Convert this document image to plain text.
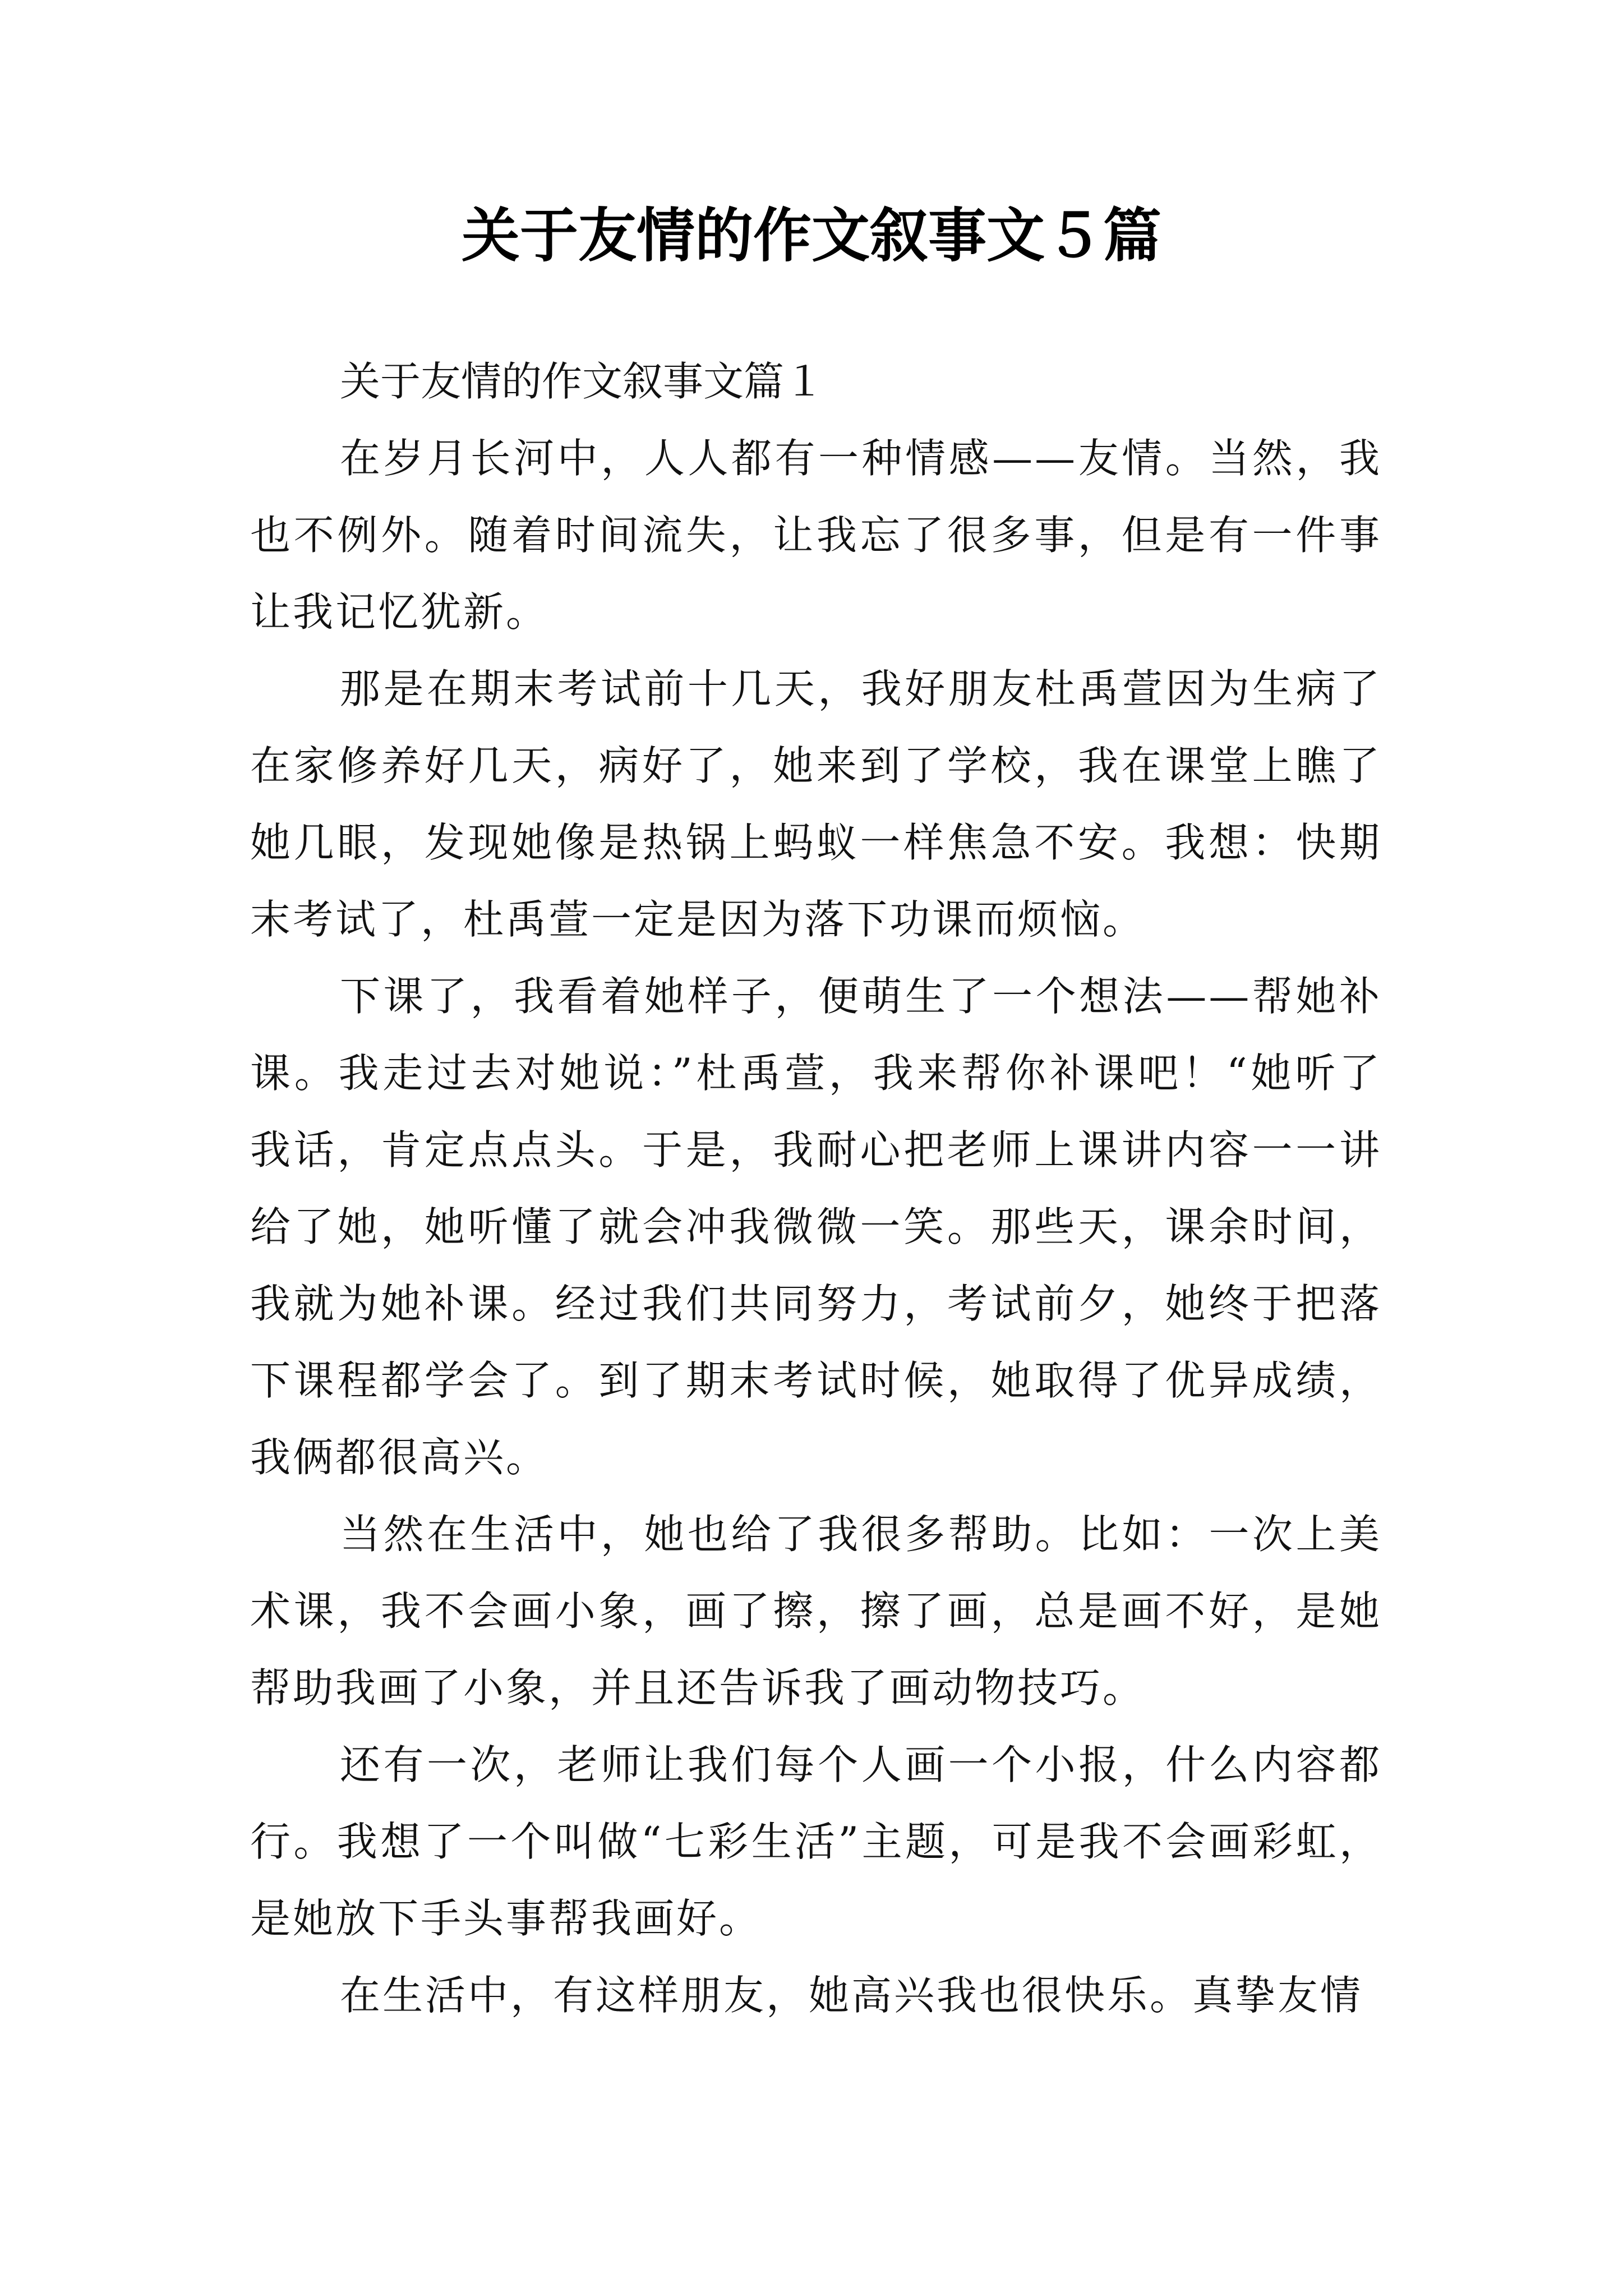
关于友情的作文叙事文５篇

关于友情的作文叙事文篇１

在岁月长河中，人人都有一种情感——友情。当然，我也不例外。随着时间流失，让我忘了很多事，但是有一件事让我记忆犹新。

那是在期末考试前十几天，我好朋友杜禹萱因为生病了在家修养好几天，病好了，她来到了学校，我在课堂上瞧了她几眼，发现她像是热锅上蚂蚁一样焦急不安。我想：快期末考试了，杜禹萱一定是因为落下功课而烦恼。

下课了，我看着她样子，便萌生了一个想法——帮她补课。我走过去对她说：”杜禹萱，我来帮你补课吧！“她听了我话，肯定点点头。于是，我耐心把老师上课讲内容一一讲给了她，她听懂了就会冲我微微一笑。那些天，课余时间，我就为她补课。经过我们共同努力，考试前夕，她终于把落下课程都学会了。到了期末考试时候，她取得了优异成绩，我俩都很高兴。

当然在生活中，她也给了我很多帮助。比如：一次上美术课，我不会画小象，画了擦，擦了画，总是画不好，是她帮助我画了小象，并且还告诉我了画动物技巧。

还有一次，老师让我们每个人画一个小报，什么内容都行。我想了一个叫做“七彩生活”主题，可是我不会画彩虹，是她放下手头事帮我画好。

在生活中，有这样朋友，她高兴我也很快乐。真挚友情
